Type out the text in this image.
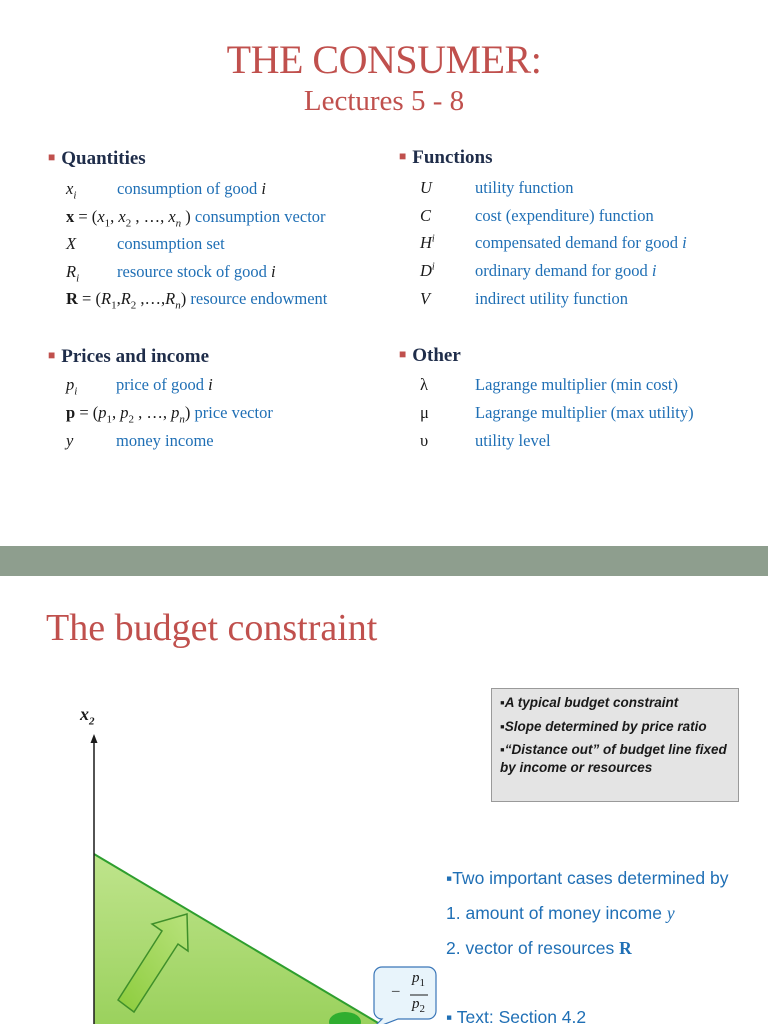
THE CONSUMER:
Lectures 5 - 8
■ Quantities
$x_i$ consumption of good i
$x = (x_1$, $x_2$ , …, $x_n$ ) consumption vector
X consumption set
$R_i$ resource stock of good i
$R = (R_1,R_2$ $,\dots,R_n$) resource endowment
■ Functions
U	utility function
C	cost (expenditure) function
$H^i$ compensated demand for good i
$D^i$ ordinary demand for good i
V	indirect utility function
■ Prices and income
$p_i$ price of good i
$p = (p_1$, $p_2$ , …, $p_n$) price vector
y	money income
■ Other
λ	Lagrange multiplier (min cost)
μ	Lagrange multiplier (max utility)
υ	utility level
The budget constraint
$x_2$
–
$p_1$
$p_2$
▪A typical budget constraint
▪Slope determined by price ratio
▪“Distance out” of budget line fixed by income or resources
▪Two important cases determined by
1. amount of money income y
2. vector of resources R
▪ Text: Section 4.2
